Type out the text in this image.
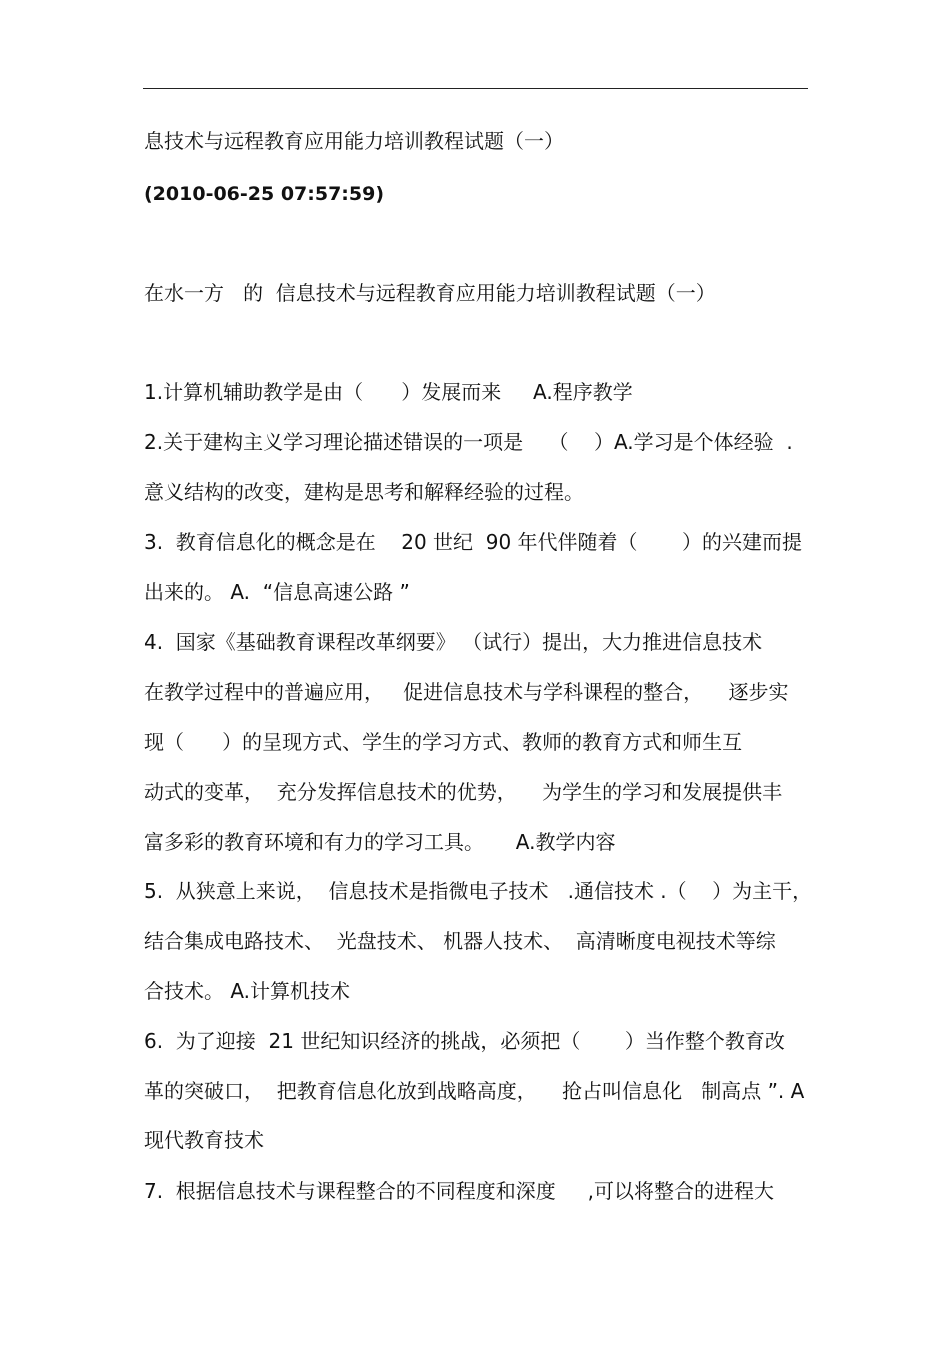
息技术与远程教育应用能力培训教程试题（一）
(2010-06-25 07:57:59)
在水一方   的  信息技术与远程教育应用能力培训教程试题（一）
1.计算机辅助教学是由（      ）发展而来     A.程序教学
2.关于建构主义学习理论描述错误的一项是    （    ）A.学习是个体经验  .
意义结构的改变，建构是思考和解释经验的过程。
3.  教育信息化的概念是在    20 世纪  90 年代伴随着（       ）的兴建而提
出来的。 A.  “信息高速公路 ”
4.  国家《基础教育课程改革纲要》 （试行）提出，大力推进信息技术
在教学过程中的普遍应用，   促进信息技术与学科课程的整合，    逐步实
现（      ）的呈现方式、学生的学习方式、教师的教育方式和师生互
动式的变革，  充分发挥信息技术的优势，    为学生的学习和发展提供丰
富多彩的教育环境和有力的学习工具。     A.教学内容
5.  从狭意上来说，  信息技术是指微电子技术   .通信技术 .（    ）为主干，
结合集成电路技术、  光盘技术、 机器人技术、  高清晰度电视技术等综
合技术。 A.计算机技术
6.  为了迎接  21 世纪知识经济的挑战，必须把（       ）当作整个教育改
革的突破口，  把教育信息化放到战略高度，    抢占叫信息化   制高点 ”. A
现代教育技术
7.  根据信息技术与课程整合的不同程度和深度     ,可以将整合的进程大
